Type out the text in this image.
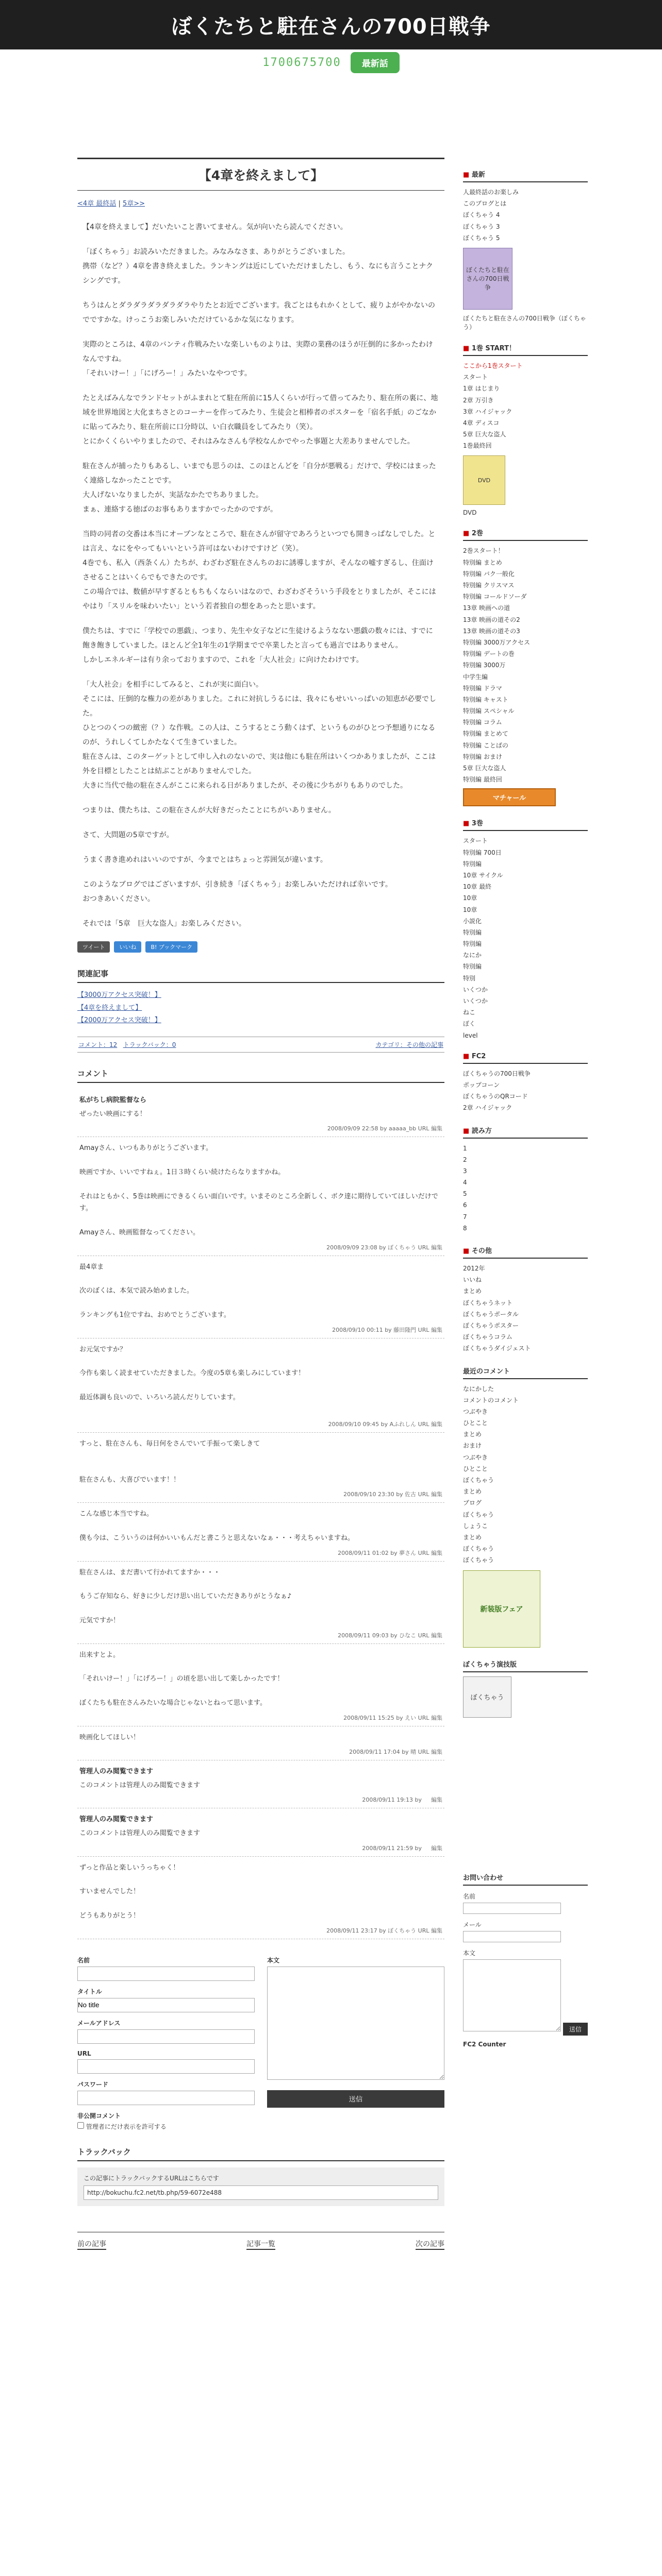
ぼくたちと駐在さんの700日戦争
1700675700	最新話
【4章を終えまして】
<4章 最終話 | 5章>>

【4章を終えまして】だいたいこと書いてません。気が向いたら読んでください。

「ぼくちゃう」お読みいただきました。みなみなさま、ありがとうございました。
携帯（など？）4章を書き終えました。ランキングは近にしていただけましたし、もう、なにも言うことナクシングです。

ちうはんとダラダラダラダラダラやりたとお近でございます。我ごとはもれかくとして、疲りよがやかないのでですかな。けっこうお楽しみいただけているかな気になります。

実際のところは、4章のバンティ作戦みたいな楽しいものよりは、実際の業務のほうが圧倒的に多かったわけなんですね。
「それいけー！」「にげろー！」みたいなやつです。

たとえばみんなでランドセットがふまれとて駐在所前に15人くらいが行って借ってみたり、駐在所の裏に、地域を世界地図と大化まちさとのコーナーを作ってみたり、生徒会と相棒者のポスターを「宿名手紙」のごなかに貼ってみたり、駐在所前に口分時以、い白衣職員をしてみたり（笑）。
とにかくくらいやりましたので、それはみなさんも学校なんかでやった事題と大差ありませんでした。

駐在さんが捕ったりもあるし、いまでも思うのは、このほとんどを「自分が悪戦る」だけで、学校にはまったく連絡しなかったことです。
大人げないなりましたが、実話なかたでちありました。
まぁ、連絡する徳ばのお事もありますかでったかのですが。

当時の同者の交番は本当にオープンなところで、駐在さんが留守であろうといつでも開きっぱなしでした。とは言え、なにをやってもいいという許可はないわけですけど（笑）。
4巻でも、私入（西条くん）たちが、わざわざ駐在さんちのおに誘導しますが、そんなの嘘すぎるし、住面けさせることはいくらでもできたのです。
この場合では、数値が早すぎるともちもくならいはなので、わざわざそういう手段をとりましたが、そこにはやはり「スリルを味わいたい」という若者独自の想をあったと思います。

僕たちは、すでに「学校での悪戯」、つまり、先生や女子などに生徒けるようなない悪戯の数々には、すでに飽き飽きしていました。ほとんど全1年生の1学期までで卒業したと言っても過言ではありません。
しかしエネルギーは有り余っておりますので、これを「大人社会」に向けたわけです。

「大人社会」を相手にしてみると、これが実に面白い。
そこには、圧倒的な権力の差がありました。これに対抗しうるには、我々にもせいいっぱいの知恵が必要でした。
ひとつのくつの緻密（？）な作戦。この人は、こうするとこう動くはず、というものがひとつ予想通りになるのが、うれしくてしかたなくて生きていました。
駐在さんは、このターゲットとして申し入れのないので、実は他にも駐在所はいくつかありましたが、ここは外を目標としたことは結ぶことがありませんでした。
大きに当代で他の駐在さんがここに来られる日がありましたが、その後に少ちがりもありのでした。

つまりは、僕たちは、この駐在さんが大好きだったことにちがいありません。

さて、大問題の5章ですが。

うまく書き進めれはいいのですが、今までとはちょっと雰囲気が違います。

このようなブログではございますが、引き続き「ぼくちゃう」お楽しみいただければ幸いです。
おつきあいください。

それでは「5章　巨大な盗人」お楽しみください。

ツイート	いいね	B! ブックマーク
関連記事
【3000万アクセス突破！】
【4章を終えまして】
【2000万アクセス突破！】
コメント：12 トラックバック：0	カテゴリ：その他の記事
コメント
私がちし病院監督なら
ぜったい映画にする！
2008/09/09 22:58 by aaaaa_bb URL 編集
Amayさん、いつもありがとうございます。

映画ですか、いいですねぇ。1日３時くらい続けたらなりますかね。

それはともかく、5巻は映画にできるくらい面白いです。いまそのところ全新しく、ボク達に期待していてほしいだけです。

Amayさん、映画監督なってください。
2008/09/09 23:08 by ぼくちゃう URL 編集
最4章ま

次のぼくは、本気で読み始めました。

ランキングも1位ですね、おめでとうございます。
2008/09/10 00:11 by 藤田隆門 URL 編集
お元気ですか？

今作も楽しく読ませていただきました。今度の5章も楽しみにしています！

最近体調も良いので、いろいろ読んだりしています。

2008/09/10 09:45 by Aふれしん URL 編集
すっと、駐在さんも、毎日何をさんでいて手振って楽しきて

駐在さんも、大喜びでいます！！
2008/09/10 23:30 by 佐古 URL 編集
こんな感じ本当ですね。

僕も今は、こういうのは何かいいもんだと書こうと思えないなぁ・・・考えちゃいますね。
2008/09/11 01:02 by 夢さん URL 編集
駐在さんは、まだ書いて行かれてますか・・・

もうご存知なら、好きに少しだけ思い出していただきありがとうなぁ♪

元気ですか！
2008/09/11 09:03 by ひなこ URL 編集
出来すとよ。

「それいけー！」「にげろー！」の頃を思い出して楽しかったです！

ぼくたちも駐在さんみたいな場合じゃないとねって思います。
2008/09/11 15:25 by えい URL 編集
映画化してほしい！
2008/09/11 17:04 by 晴 URL 編集
管理人のみ閲覧できます
このコメントは管理人のみ閲覧できます
2008/09/11 19:13 by 　 編集
管理人のみ閲覧できます
このコメントは管理人のみ閲覧できます
2008/09/11 21:59 by 　 編集
ずっと作品と楽しいうっちゃく！

すいませんでした！

どうもありがとう！
2008/09/11 23:17 by ぼくちゃう URL 編集
名前
タイトル
No title
メールアドレス
URL
パスワード
非公開コメント
管理者にだけ表示を許可する
本文
送信
トラックバック
この記事にトラックバックするURLはこちらです
http://bokuchu.fc2.net/tb.php/59-6072e488
前の記事	記事一覧	次の記事
■ 最新
人最終話のお楽しみ
このブログとは
ぼくちゃう 4
ぼくちゃう 3
ぼくちゃう 5
ぼくたちと駐在さんの700日戦争
ぼくたちと駐在さんの700日戦争（ぼくちゃう）
■ 1巻 START！
ここから1巻スタート
スタート
1章 はじまり
2章 万引き
3章 ハイジャック
4章 ディスコ
5章 巨大な盗人
1巻最終回
DVD
DVD
■ 2巻
2巻スタート！
特別編 まとめ
特別編 バク一般化
特別編 クリスマス
特別編 コールドソーダ
13章 映画への道
13章 映画の道その2
13章 映画の道その3
特別編 3000万アクセス
特別編 デートの巻
特別編 3000万
中学生編
特別編 ドラマ
特別編 キャスト
特別編 スペシャル
特別編 コラム
特別編 まとめて
特別編 ことばの
特別編 おまけ
5章 巨大な盗人
特別編 最終回
マチャール
■ 3巻
スタート
特別編 700日
特別編
10章 サイクル
10章 最終
10章
10章
小説化
特別編
特別編
なにか
特別編
特別
いくつか
いくつか
ねこ
ぼく
level
■ FC2
ぼくちゃうの700日戦争
ポップコーン
ぼくちゃうのQRコード
2章 ハイジャック
■ 読み方
1
2
3
4
5
6
7
8
■ その他
2012年
いいね
まとめ
ぼくちゃうネット
ぼくちゃうポータル
ぼくちゃうポスター
ぼくちゃうコラム
ぼくちゃうダイジェスト
最近のコメント
なにかした
コメントのコメント
つぶやき
ひとこと
まとめ
おまけ
つぶやき
ひとこと
ぼくちゃう
まとめ
ブログ
ぼくちゃう
しょうこ
まとめ
ぼくちゃう
ぼくちゃう
新装版フェア
ぼくちゃう演技版
ぼくちゃう
お問い合わせ
名前
メール
本文
送信
FC2 Counter
